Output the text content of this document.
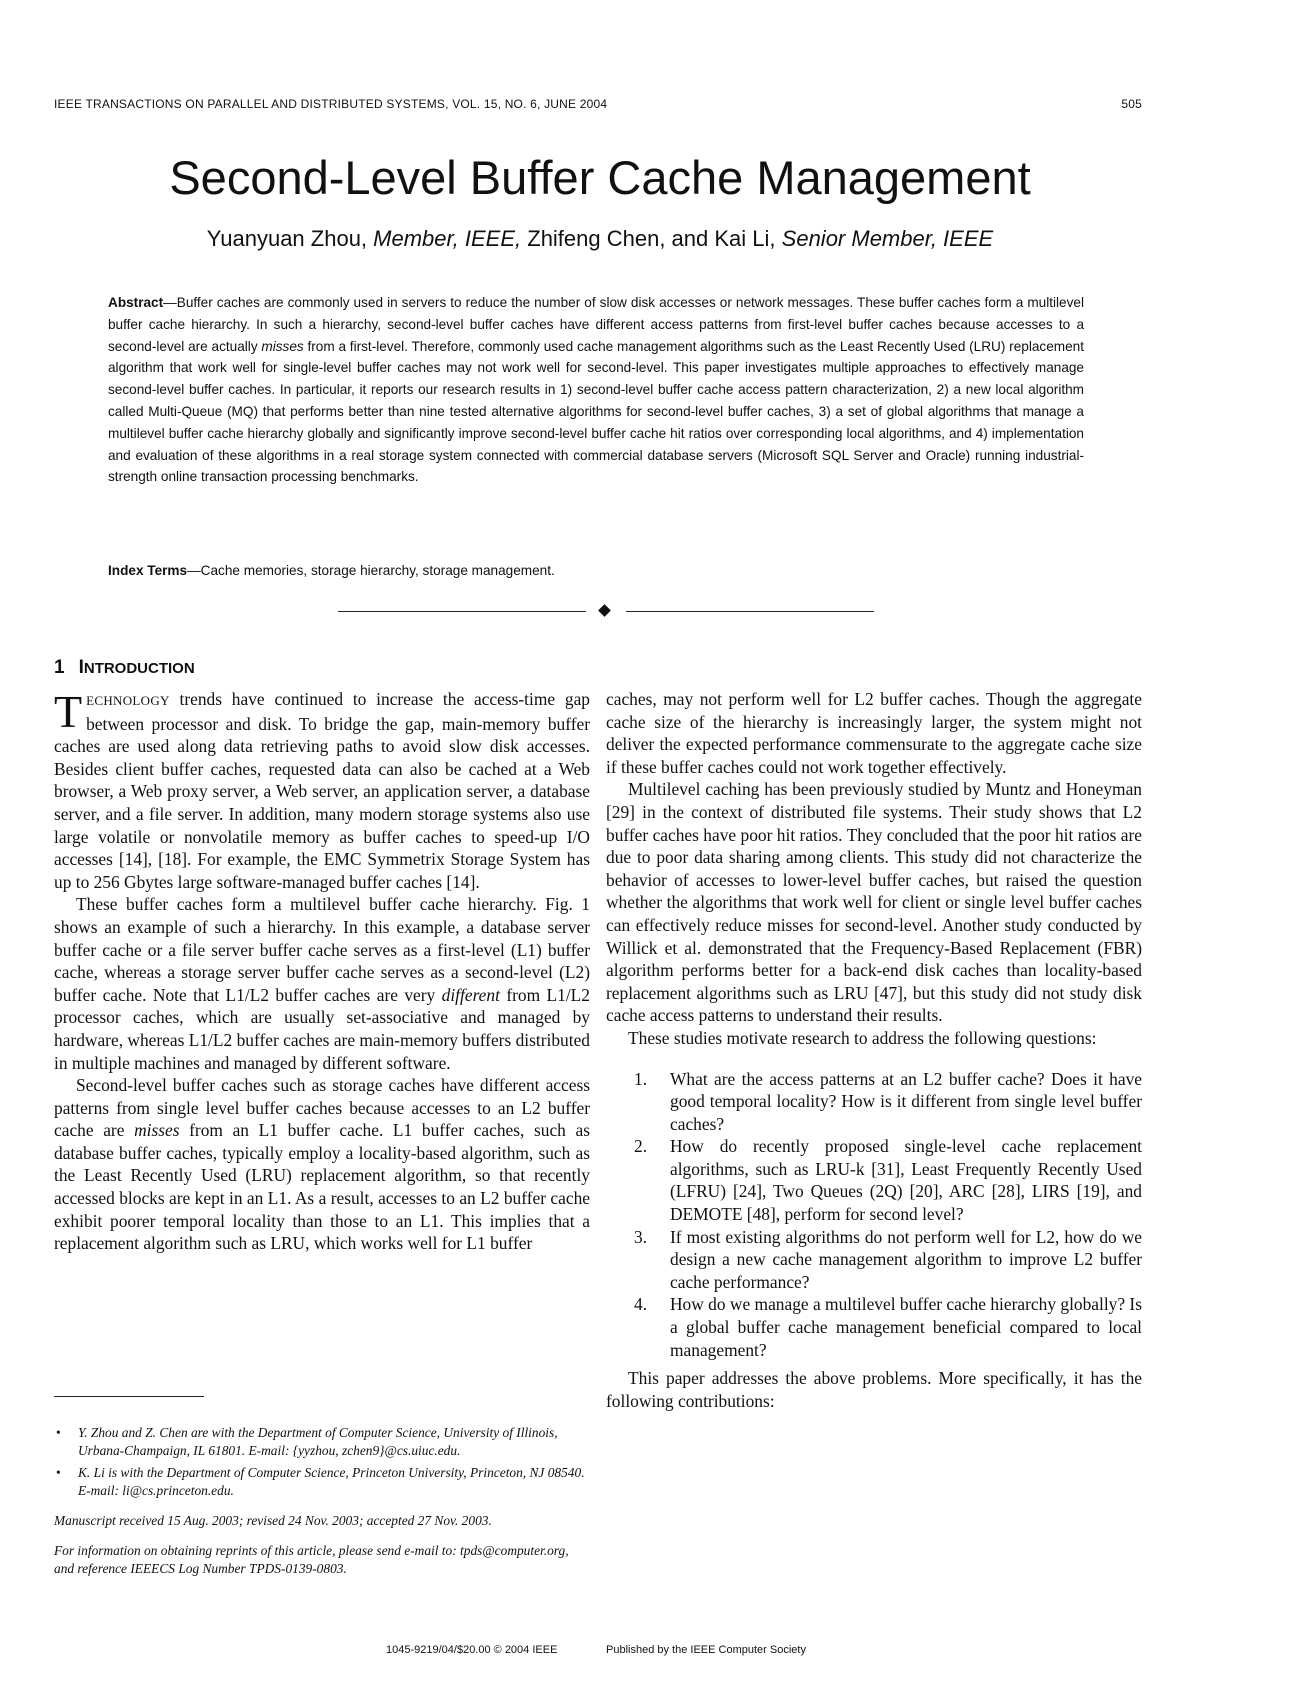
IEEE TRANSACTIONS ON PARALLEL AND DISTRIBUTED SYSTEMS, VOL. 15, NO. 6, JUNE 2004	505
Second-Level Buffer Cache Management
Yuanyuan Zhou, Member, IEEE, Zhifeng Chen, and Kai Li, Senior Member, IEEE
Abstract—Buffer caches are commonly used in servers to reduce the number of slow disk accesses or network messages. These buffer caches form a multilevel buffer cache hierarchy. In such a hierarchy, second-level buffer caches have different access patterns from first-level buffer caches because accesses to a second-level are actually misses from a first-level. Therefore, commonly used cache management algorithms such as the Least Recently Used (LRU) replacement algorithm that work well for single-level buffer caches may not work well for second-level. This paper investigates multiple approaches to effectively manage second-level buffer caches. In particular, it reports our research results in 1) second-level buffer cache access pattern characterization, 2) a new local algorithm called Multi-Queue (MQ) that performs better than nine tested alternative algorithms for second-level buffer caches, 3) a set of global algorithms that manage a multilevel buffer cache hierarchy globally and significantly improve second-level buffer cache hit ratios over corresponding local algorithms, and 4) implementation and evaluation of these algorithms in a real storage system connected with commercial database servers (Microsoft SQL Server and Oracle) running industrial-strength online transaction processing benchmarks.
Index Terms—Cache memories, storage hierarchy, storage management.
1 INTRODUCTION

TECHNOLOGY trends have continued to increase the access-time gap between processor and disk. To bridge the gap, main-memory buffer caches are used along data retrieving paths to avoid slow disk accesses. Besides client buffer caches, requested data can also be cached at a Web browser, a Web proxy server, a Web server, an application server, a database server, and a file server. In addition, many modern storage systems also use large volatile or nonvolatile memory as buffer caches to speed-up I/O accesses [14], [18]. For example, the EMC Symmetrix Storage System has up to 256 Gbytes large software-managed buffer caches [14].

These buffer caches form a multilevel buffer cache hierarchy. Fig. 1 shows an example of such a hierarchy. In this example, a database server buffer cache or a file server buffer cache serves as a first-level (L1) buffer cache, whereas a storage server buffer cache serves as a second-level (L2) buffer cache. Note that L1/L2 buffer caches are very different from L1/L2 processor caches, which are usually set-associative and managed by hardware, whereas L1/L2 buffer caches are main-memory buffers distributed in multiple machines and managed by different software.

Second-level buffer caches such as storage caches have different access patterns from single level buffer caches because accesses to an L2 buffer cache are misses from an L1 buffer cache. L1 buffer caches, such as database buffer caches, typically employ a locality-based algorithm, such as the Least Recently Used (LRU) replacement algorithm, so that recently accessed blocks are kept in an L1. As a result, accesses to an L2 buffer cache exhibit poorer temporal locality than those to an L1. This implies that a replacement algorithm such as LRU, which works well for L1 buffer

caches, may not perform well for L2 buffer caches. Though the aggregate cache size of the hierarchy is increasingly larger, the system might not deliver the expected performance commensurate to the aggregate cache size if these buffer caches could not work together effectively.

Multilevel caching has been previously studied by Muntz and Honeyman [29] in the context of distributed file systems. Their study shows that L2 buffer caches have poor hit ratios. They concluded that the poor hit ratios are due to poor data sharing among clients. This study did not characterize the behavior of accesses to lower-level buffer caches, but raised the question whether the algorithms that work well for client or single level buffer caches can effectively reduce misses for second-level. Another study conducted by Willick et al. demonstrated that the Frequency-Based Replacement (FBR) algorithm performs better for a back-end disk caches than locality-based replacement algorithms such as LRU [47], but this study did not study disk cache access patterns to understand their results.

These studies motivate research to address the following questions:

1. What are the access patterns at an L2 buffer cache? Does it have good temporal locality? How is it different from single level buffer caches?
2. How do recently proposed single-level cache replacement algorithms, such as LRU-k [31], Least Frequently Recently Used (LFRU) [24], Two Queues (2Q) [20], ARC [28], LIRS [19], and DEMOTE [48], perform for second level?
3. If most existing algorithms do not perform well for L2, how do we design a new cache management algorithm to improve L2 buffer cache performance?
4. How do we manage a multilevel buffer cache hierarchy globally? Is a global buffer cache management beneficial compared to local management?

This paper addresses the above problems. More specifically, it has the following contributions:

• Y. Zhou and Z. Chen are with the Department of Computer Science, University of Illinois, Urbana-Champaign, IL 61801. E-mail: {yyzhou, zchen9}@cs.uiuc.edu.
• K. Li is with the Department of Computer Science, Princeton University, Princeton, NJ 08540. E-mail: li@cs.princeton.edu.
Manuscript received 15 Aug. 2003; revised 24 Nov. 2003; accepted 27 Nov. 2003.
For information on obtaining reprints of this article, please send e-mail to: tpds@computer.org, and reference IEEECS Log Number TPDS-0139-0803.
1045-9219/04/$20.00 © 2004 IEEE	Published by the IEEE Computer Society
